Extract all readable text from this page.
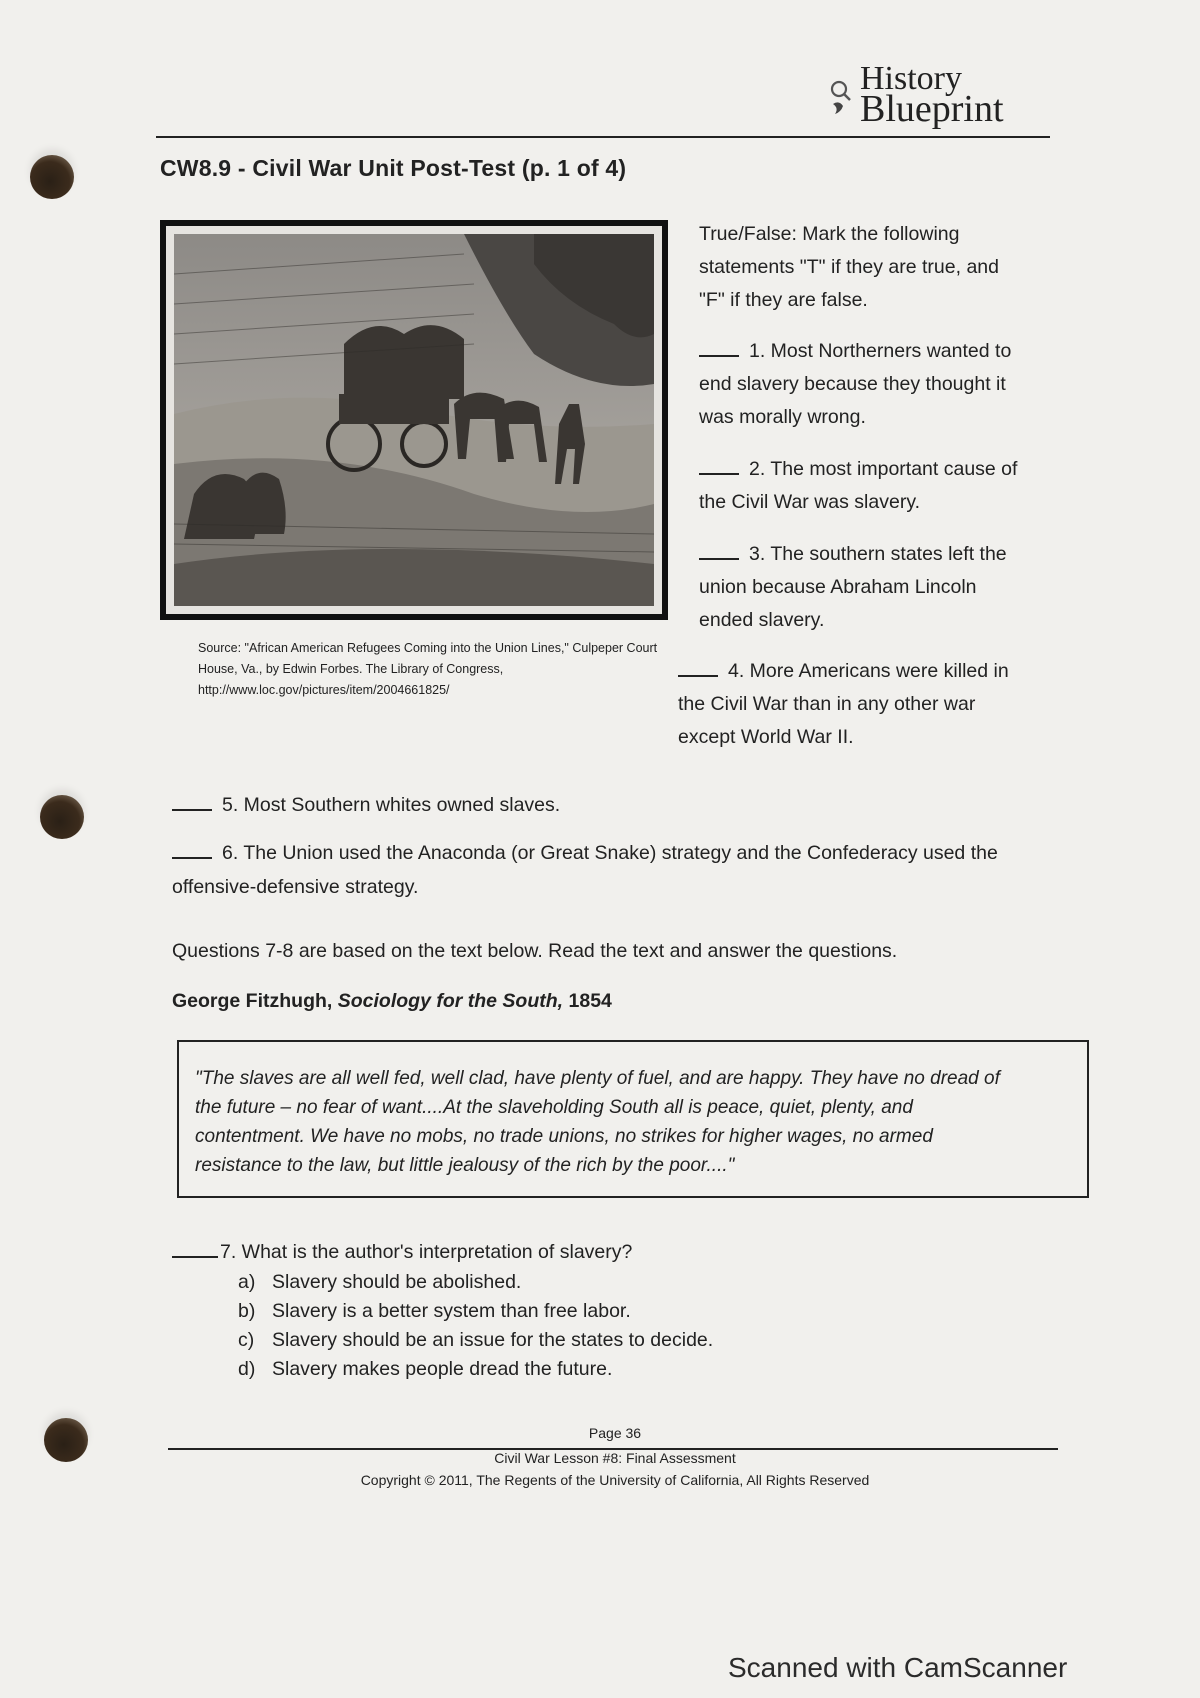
History
Blueprint
CW8.9 - Civil War Unit Post-Test (p. 1 of 4)
Source: "African American Refugees Coming into the Union Lines," Culpeper Court House, Va., by Edwin Forbes. The Library of Congress, http://www.loc.gov/pictures/item/2004661825/
True/False: Mark the following
statements "T" if they are true, and
"F" if they are false.
1. Most Northerners wanted to
end slavery because they thought it
was morally wrong.
2. The most important cause of
the Civil War was slavery.
3. The southern states left the
union because Abraham Lincoln
ended slavery.
4. More Americans were killed in
the Civil War than in any other war
except World War II.
5. Most Southern whites owned slaves.
6. The Union used the Anaconda (or Great Snake) strategy and the Confederacy used the
offensive-defensive strategy.
Questions 7-8 are based on the text below. Read the text and answer the questions.
George Fitzhugh, Sociology for the South, 1854
"The slaves are all well fed, well clad, have plenty of fuel, and are happy. They have no dread of
the future – no fear of want....At the slaveholding South all is peace, quiet, plenty, and
contentment. We have no mobs, no trade unions, no strikes for higher wages, no armed
resistance to the law, but little jealousy of the rich by the poor...."
7. What is the author's interpretation of slavery?
a) Slavery should be abolished.
b) Slavery is a better system than free labor.
c) Slavery should be an issue for the states to decide.
d) Slavery makes people dread the future.
Page 36
Civil War Lesson #8: Final Assessment
Copyright © 2011, The Regents of the University of California, All Rights Reserved
Scanned with CamScanner
